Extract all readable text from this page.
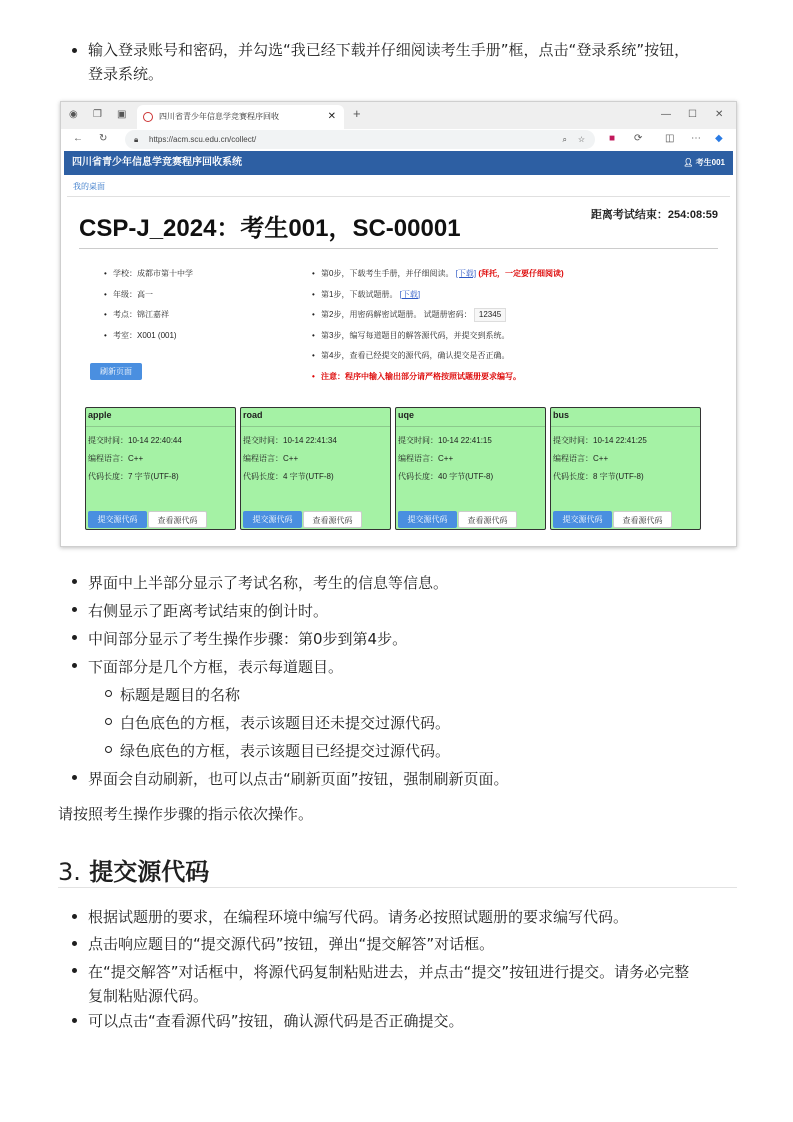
输入登录账号和密码，并勾选“我已经下载并仔细阅读考生手册”框，点击“登录系统”按钮，
登录系统。
◉ ❐ ▣	四川省青少年信息学竞赛程序回收	✕ +	— ☐ ✕
← ↻	🔒︎ https://acm.scu.edu.cn/collect/	⌕ ☆ ■ ⟳ ◫ ⋯ ◆
四川省青少年信息学竞赛程序回收系统	👤︎ 考生001
我的桌面
CSP-J_2024：考生001，SC-00001	距离考试结束：254:08:59
• 学校：成都市第十中学
• 年级：高一
• 考点：锦江嘉祥
• 考室：X001 (001)
刷新页面
• 第0步，下载考生手册，并仔细阅读。 [下载] (拜托，一定要仔细阅读)
• 第1步，下载试题册。 [下载]
• 第2步，用密码解密试题册。 试题册密码： 12345
• 第3步，编写每道题目的解答源代码，并提交到系统。
• 第4步，查看已经提交的源代码，确认提交是否正确。
• 注意：程序中输入输出部分请严格按照试题册要求编写。
apple
提交时间：10-14 22:40:44
编程语言：C++
代码长度：7 字节(UTF-8)
提交源代码	查看源代码
road
提交时间：10-14 22:41:34
编程语言：C++
代码长度：4 字节(UTF-8)
提交源代码	查看源代码
uqe
提交时间：10-14 22:41:15
编程语言：C++
代码长度：40 字节(UTF-8)
提交源代码	查看源代码
bus
提交时间：10-14 22:41:25
编程语言：C++
代码长度：8 字节(UTF-8)
提交源代码	查看源代码
界面中上半部分显示了考试名称，考生的信息等信息。
右侧显示了距离考试结束的倒计时。
中间部分显示了考生操作步骤：第0步到第4步。
下面部分是几个方框，表示每道题目。
标题是题目的名称
白色底色的方框，表示该题目还未提交过源代码。
绿色底色的方框，表示该题目已经提交过源代码。
界面会自动刷新，也可以点击“刷新页面”按钮，强制刷新页面。
请按照考生操作步骤的指示依次操作。
3. 提交源代码
根据试题册的要求，在编程环境中编写代码。请务必按照试题册的要求编写代码。
点击响应题目的“提交源代码”按钮，弹出“提交解答”对话框。
在“提交解答”对话框中，将源代码复制粘贴进去，并点击“提交”按钮进行提交。请务必完整
复制粘贴源代码。
可以点击“查看源代码”按钮，确认源代码是否正确提交。
